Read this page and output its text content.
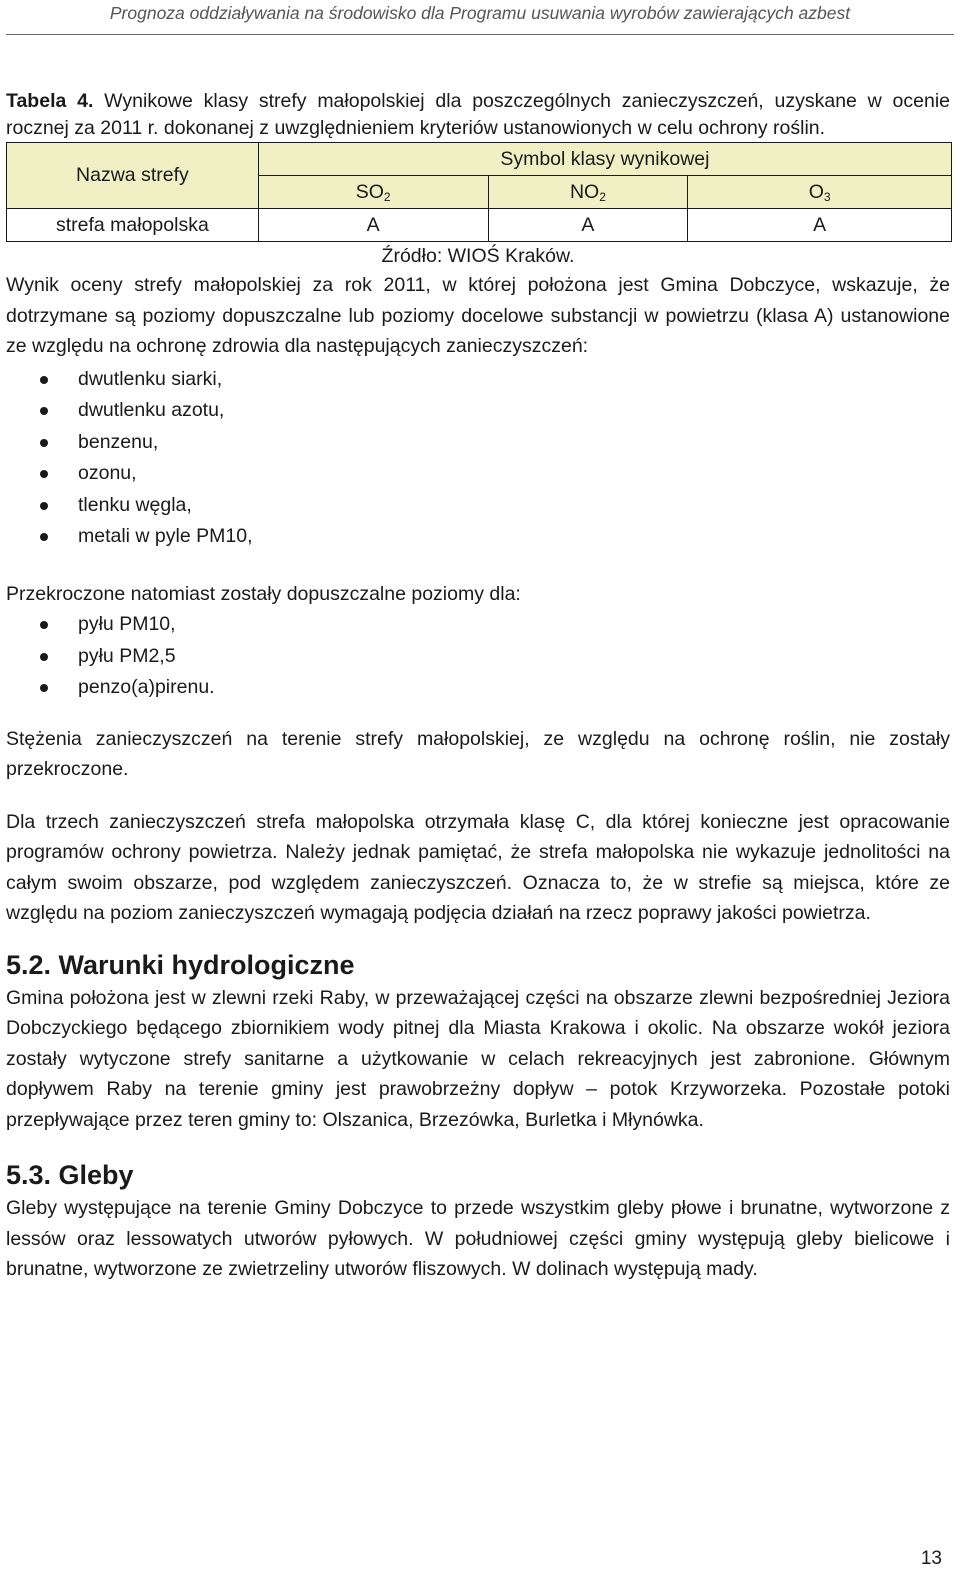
Prognoza oddziaływania na środowisko dla Programu usuwania wyrobów zawierających azbest

Tabela 4. Wynikowe klasy strefy małopolskiej dla poszczególnych zanieczyszczeń, uzyskane w ocenie rocznej za 2011 r. dokonanej z uwzględnieniem kryteriów ustanowionych w celu ochrony roślin.

Nazwa strefy	Symbol klasy wynikowej		
	$SO_2$	$NO_2$	$O_3$
strefa małopolska	A	A	A

Źródło: WIOŚ Kraków.

Wynik oceny strefy małopolskiej za rok 2011, w której położona jest Gmina Dobczyce, wskazuje, że dotrzymane są poziomy dopuszczalne lub poziomy docelowe substancji w powietrzu (klasa A) ustanowione ze względu na ochronę zdrowia dla następujących zanieczyszczeń:

dwutlenku siarki,
dwutlenku azotu,
benzenu,
ozonu,
tlenku węgla,
metali w pyle PM10,

Przekroczone natomiast zostały dopuszczalne poziomy dla:

pyłu PM10,
pyłu PM2,5
penzo(a)pirenu.

Stężenia zanieczyszczeń na terenie strefy małopolskiej, ze względu na ochronę roślin, nie zostały przekroczone.

Dla trzech zanieczyszczeń strefa małopolska otrzymała klasę C, dla której konieczne jest opracowanie programów ochrony powietrza. Należy jednak pamiętać, że strefa małopolska nie wykazuje jednolitości na całym swoim obszarze, pod względem zanieczyszczeń. Oznacza to, że w strefie są miejsca, które ze względu na poziom zanieczyszczeń wymagają podjęcia działań na rzecz poprawy jakości powietrza.

5.2. Warunki hydrologiczne

Gmina położona jest w zlewni rzeki Raby, w przeważającej części na obszarze zlewni bezpośredniej Jeziora Dobczyckiego będącego zbiornikiem wody pitnej dla Miasta Krakowa i okolic. Na obszarze wokół jeziora zostały wytyczone strefy sanitarne a użytkowanie w celach rekreacyjnych jest zabronione. Głównym dopływem Raby na terenie gminy jest prawobrzeżny dopływ – potok Krzyworzeka. Pozostałe potoki przepływające przez teren gminy to: Olszanica, Brzezówka, Burletka i Młynówka.

5.3. Gleby

Gleby występujące na terenie Gminy Dobczyce to przede wszystkim gleby płowe i brunatne, wytworzone z lessów oraz lessowatych utworów pyłowych. W południowej części gminy występują gleby bielicowe i brunatne, wytworzone ze zwietrzeliny utworów fliszowych. W dolinach występują mady.

13
